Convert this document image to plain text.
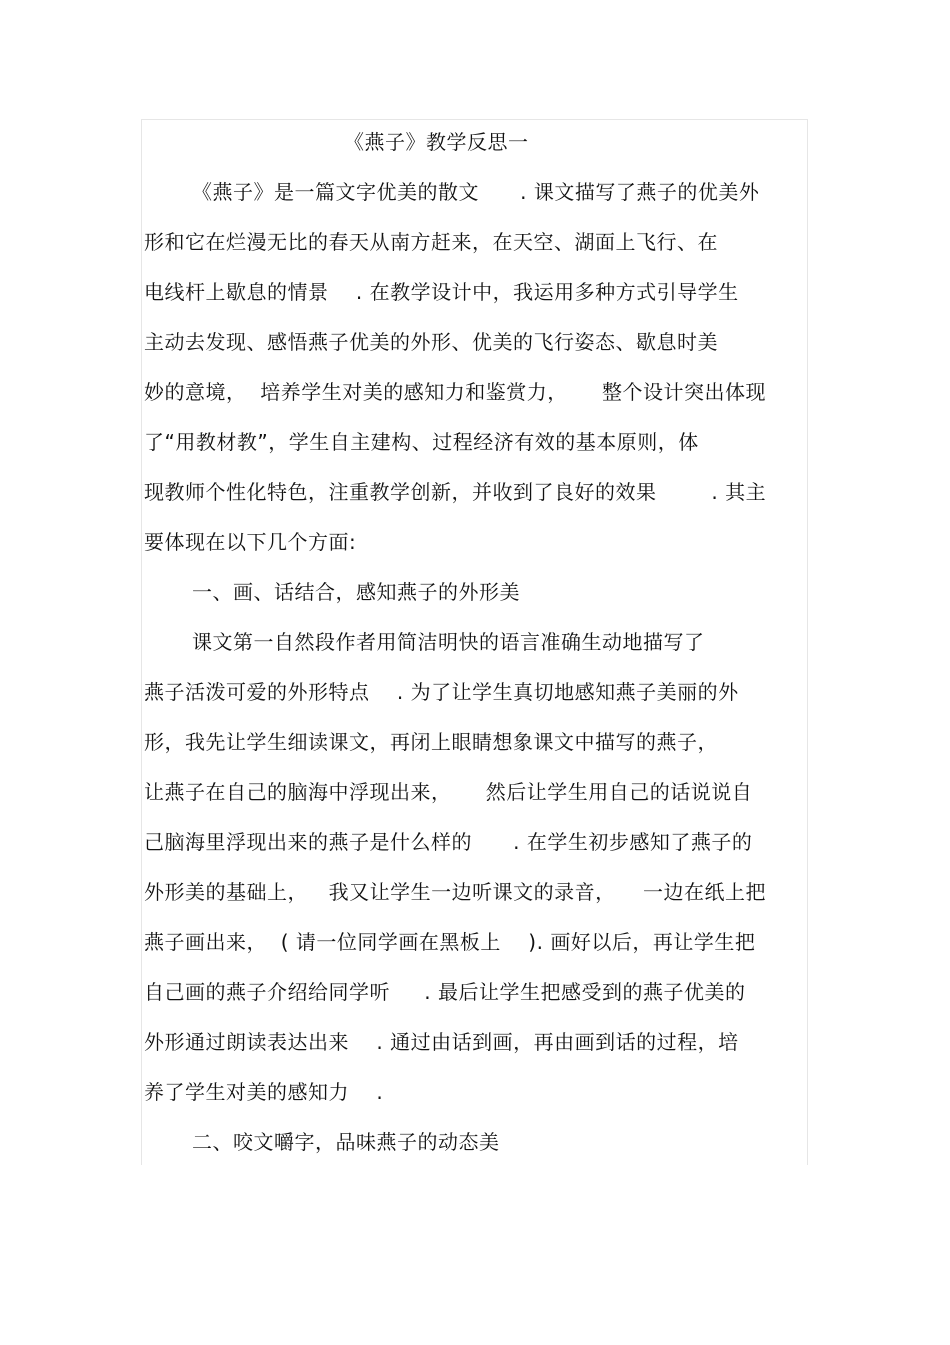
《燕子》教学反思一
《燕子》是一篇文字优美的散文      . 课文描写了燕子的优美外
形和它在烂漫无比的春天从南方赶来，在天空、湖面上飞行、在
电线杆上歇息的情景    . 在教学设计中，我运用多种方式引导学生
主动去发现、感悟燕子优美的外形、优美的飞行姿态、歇息时美
妙的意境，  培养学生对美的感知力和鉴赏力，     整个设计突出体现
了“用教材教”，学生自主建构、过程经济有效的基本原则，体
现教师个性化特色，注重教学创新，并收到了良好的效果        . 其主
要体现在以下几个方面:
一、画、话结合，感知燕子的外形美
课文第一自然段作者用简洁明快的语言准确生动地描写了
燕子活泼可爱的外形特点    . 为了让学生真切地感知燕子美丽的外
形，我先让学生细读课文，再闭上眼睛想象课文中描写的燕子，
让燕子在自己的脑海中浮现出来，     然后让学生用自己的话说说自
己脑海里浮现出来的燕子是什么样的      . 在学生初步感知了燕子的
外形美的基础上，   我又让学生一边听课文的录音，    一边在纸上把
燕子画出来，  ( 请一位同学画在黑板上    ). 画好以后，再让学生把
自己画的燕子介绍给同学听     . 最后让学生把感受到的燕子优美的
外形通过朗读表达出来    . 通过由话到画，再由画到话的过程，培
养了学生对美的感知力    .
二、咬文嚼字，品味燕子的动态美
